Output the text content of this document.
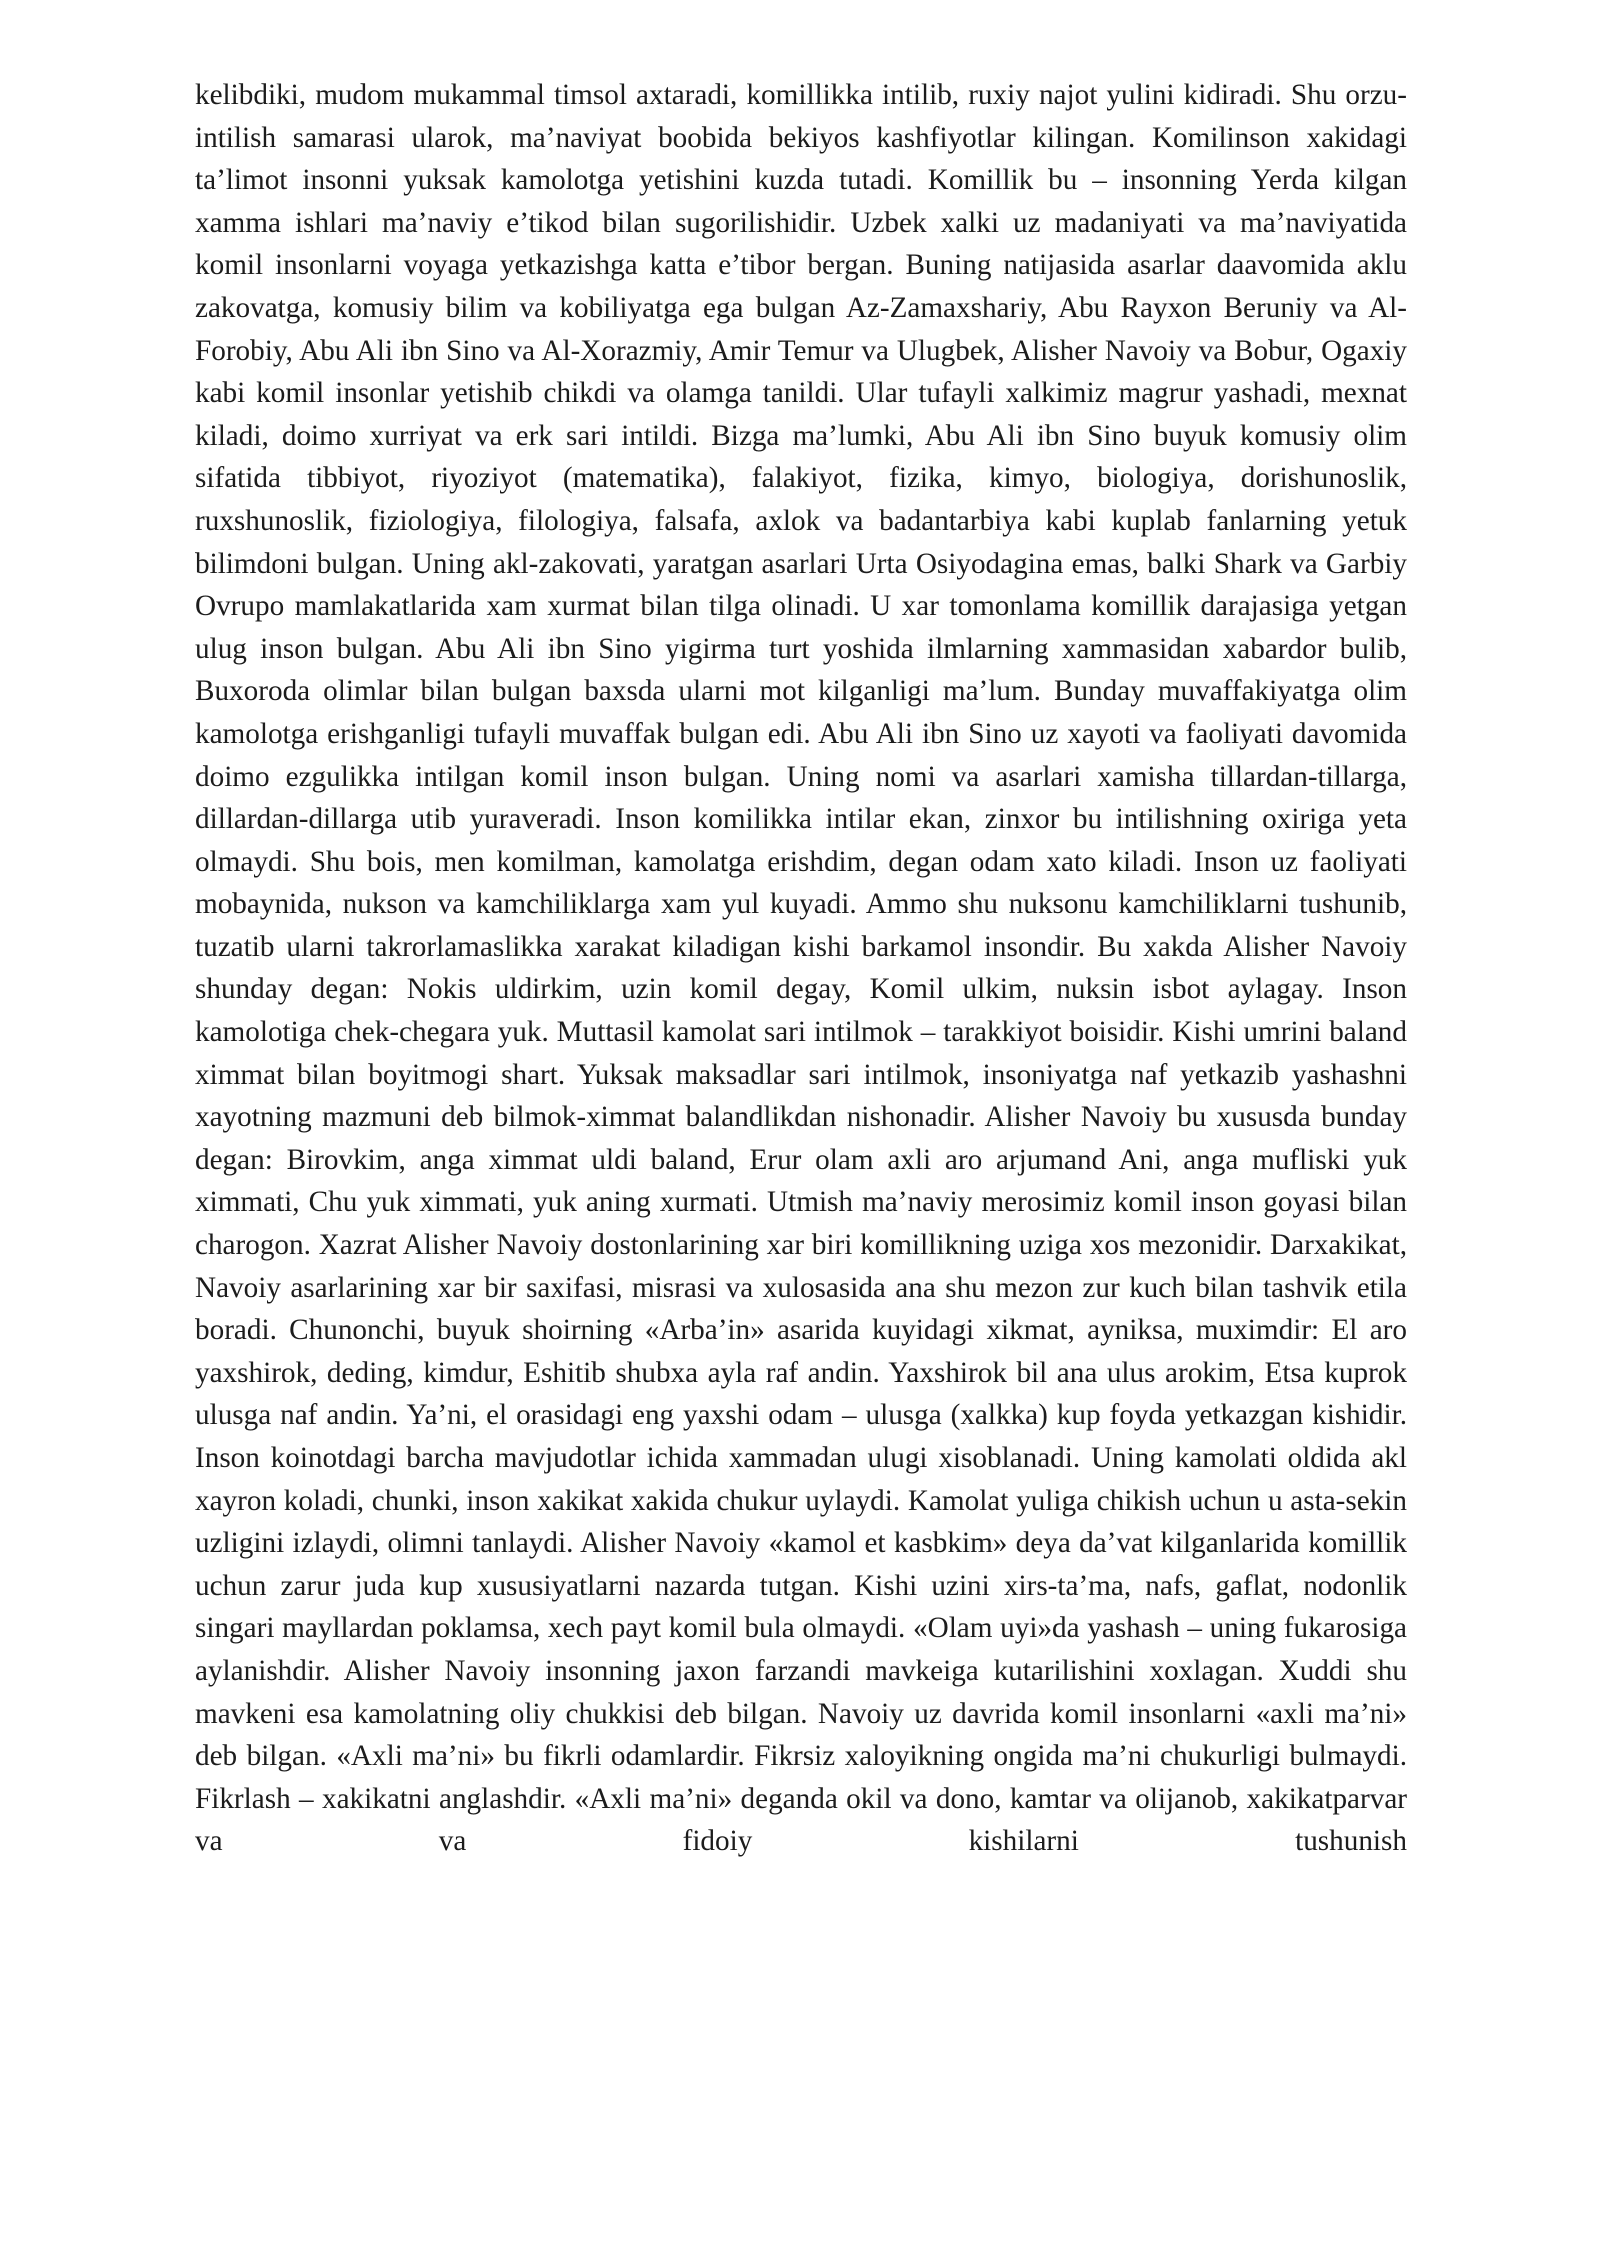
kelibdiki, mudom mukammal timsol axtaradi, komillikka intilib, ruxiy najot yulini kidiradi. Shu orzu-intilish samarasi ularok, ma’naviyat boobida bekiyos kashfiyotlar kilingan. Komilinson xakidagi ta’limot insonni yuksak kamolotga yetishini kuzda tutadi. Komillik bu – insonning Yerda kilgan xamma ishlari ma’naviy e’tikod bilan sugorilishidir. Uzbek xalki uz madaniyati va ma’naviyatida komil insonlarni voyaga yetkazishga katta e’tibor bergan. Buning natijasida asarlar daavomida aklu zakovatga, komusiy bilim va kobiliyatga ega bulgan Az-Zamaxshariy, Abu Rayxon Beruniy va Al-Forobiy, Abu Ali ibn Sino va Al-Xorazmiy, Amir Temur va Ulugbek, Alisher Navoiy va Bobur, Ogaxiy kabi komil insonlar yetishib chikdi va olamga tanildi. Ular tufayli xalkimiz magrur yashadi, mexnat kiladi, doimo xurriyat va erk sari intildi. Bizga ma’lumki, Abu Ali ibn Sino buyuk komusiy olim sifatida tibbiyot, riyoziyot (matematika), falakiyot, fizika, kimyo, biologiya, dorishunoslik, ruxshunoslik, fiziologiya, filologiya, falsafa, axlok va badantarbiya kabi kuplab fanlarning yetuk bilimdoni bulgan. Uning akl-zakovati, yaratgan asarlari Urta Osiyodagina emas, balki Shark va Garbiy Ovrupo mamlakatlarida xam xurmat bilan tilga olinadi. U xar tomonlama komillik darajasiga yetgan ulug inson bulgan. Abu Ali ibn Sino yigirma turt yoshida ilmlarning xammasidan xabardor bulib, Buxoroda olimlar bilan bulgan baxsda ularni mot kilganligi ma’lum. Bunday muvaffakiyatga olim kamolotga erishganligi tufayli muvaffak bulgan edi. Abu Ali ibn Sino uz xayoti va faoliyati davomida doimo ezgulikka intilgan komil inson bulgan. Uning nomi va asarlari xamisha tillardan-tillarga, dillardan-dillarga utib yuraveradi. Inson komilikka intilar ekan, zinxor bu intilishning oxiriga yeta olmaydi. Shu bois, men komilman, kamolatga erishdim, degan odam xato kiladi. Inson uz faoliyati mobaynida, nukson va kamchiliklarga xam yul kuyadi. Ammo shu nuksonu kamchiliklarni tushunib, tuzatib ularni takrorlamaslikka xarakat kiladigan kishi barkamol insondir. Bu xakda Alisher Navoiy shunday degan: Nokis uldirkim, uzin komil degay, Komil ulkim, nuksin isbot aylagay. Inson kamolotiga chek-chegara yuk. Muttasil kamolat sari intilmok – tarakkiyot boisidir. Kishi umrini baland ximmat bilan boyitmogi shart. Yuksak maksadlar sari intilmok, insoniyatga naf yetkazib yashashni xayotning mazmuni deb bilmok-ximmat balandlikdan nishonadir. Alisher Navoiy bu xususda bunday degan: Birovkim, anga ximmat uldi baland, Erur olam axli aro arjumand Ani, anga mufliski yuk ximmati, Chu yuk ximmati, yuk aning xurmati. Utmish ma’naviy merosimiz komil inson goyasi bilan charogon. Xazrat Alisher Navoiy dostonlarining xar biri komillikning uziga xos mezonidir. Darxakikat, Navoiy asarlarining xar bir saxifasi, misrasi va xulosasida ana shu mezon zur kuch bilan tashvik etila boradi. Chunonchi, buyuk shoirning «Arba’in» asarida kuyidagi xikmat, ayniksa, muximdir: El aro yaxshirok, deding, kimdur, Eshitib shubxa ayla raf andin. Yaxshirok bil ana ulus arokim, Etsa kuprok ulusga naf andin. Ya’ni, el orasidagi eng yaxshi odam – ulusga (xalkka) kup foyda yetkazgan kishidir. Inson koinotdagi barcha mavjudotlar ichida xammadan ulugi xisoblanadi. Uning kamolati oldida akl xayron koladi, chunki, inson xakikat xakida chukur uylaydi. Kamolat yuliga chikish uchun u asta-sekin uzligini izlaydi, olimni tanlaydi. Alisher Navoiy «kamol et kasbkim» deya da’vat kilganlarida komillik uchun zarur juda kup xususiyatlarni nazarda tutgan. Kishi uzini xirs-ta’ma, nafs, gaflat, nodonlik singari mayllardan poklamsa, xech payt komil bula olmaydi. «Olam uyi»da yashash – uning fukarosiga aylanishdir. Alisher Navoiy insonning jaxon farzandi mavkeiga kutarilishini xoxlagan. Xuddi shu mavkeni esa kamolatning oliy chukkisi deb bilgan. Navoiy uz davrida komil insonlarni «axli ma’ni» deb bilgan. «Axli ma’ni» bu fikrli odamlardir. Fikrsiz xaloyikning ongida ma’ni chukurligi bulmaydi. Fikrlash – xakikatni anglashdir. «Axli ma’ni» deganda okil va dono, kamtar va olijanob, xakikatparvar va va fidoiy kishilarni tushunish
